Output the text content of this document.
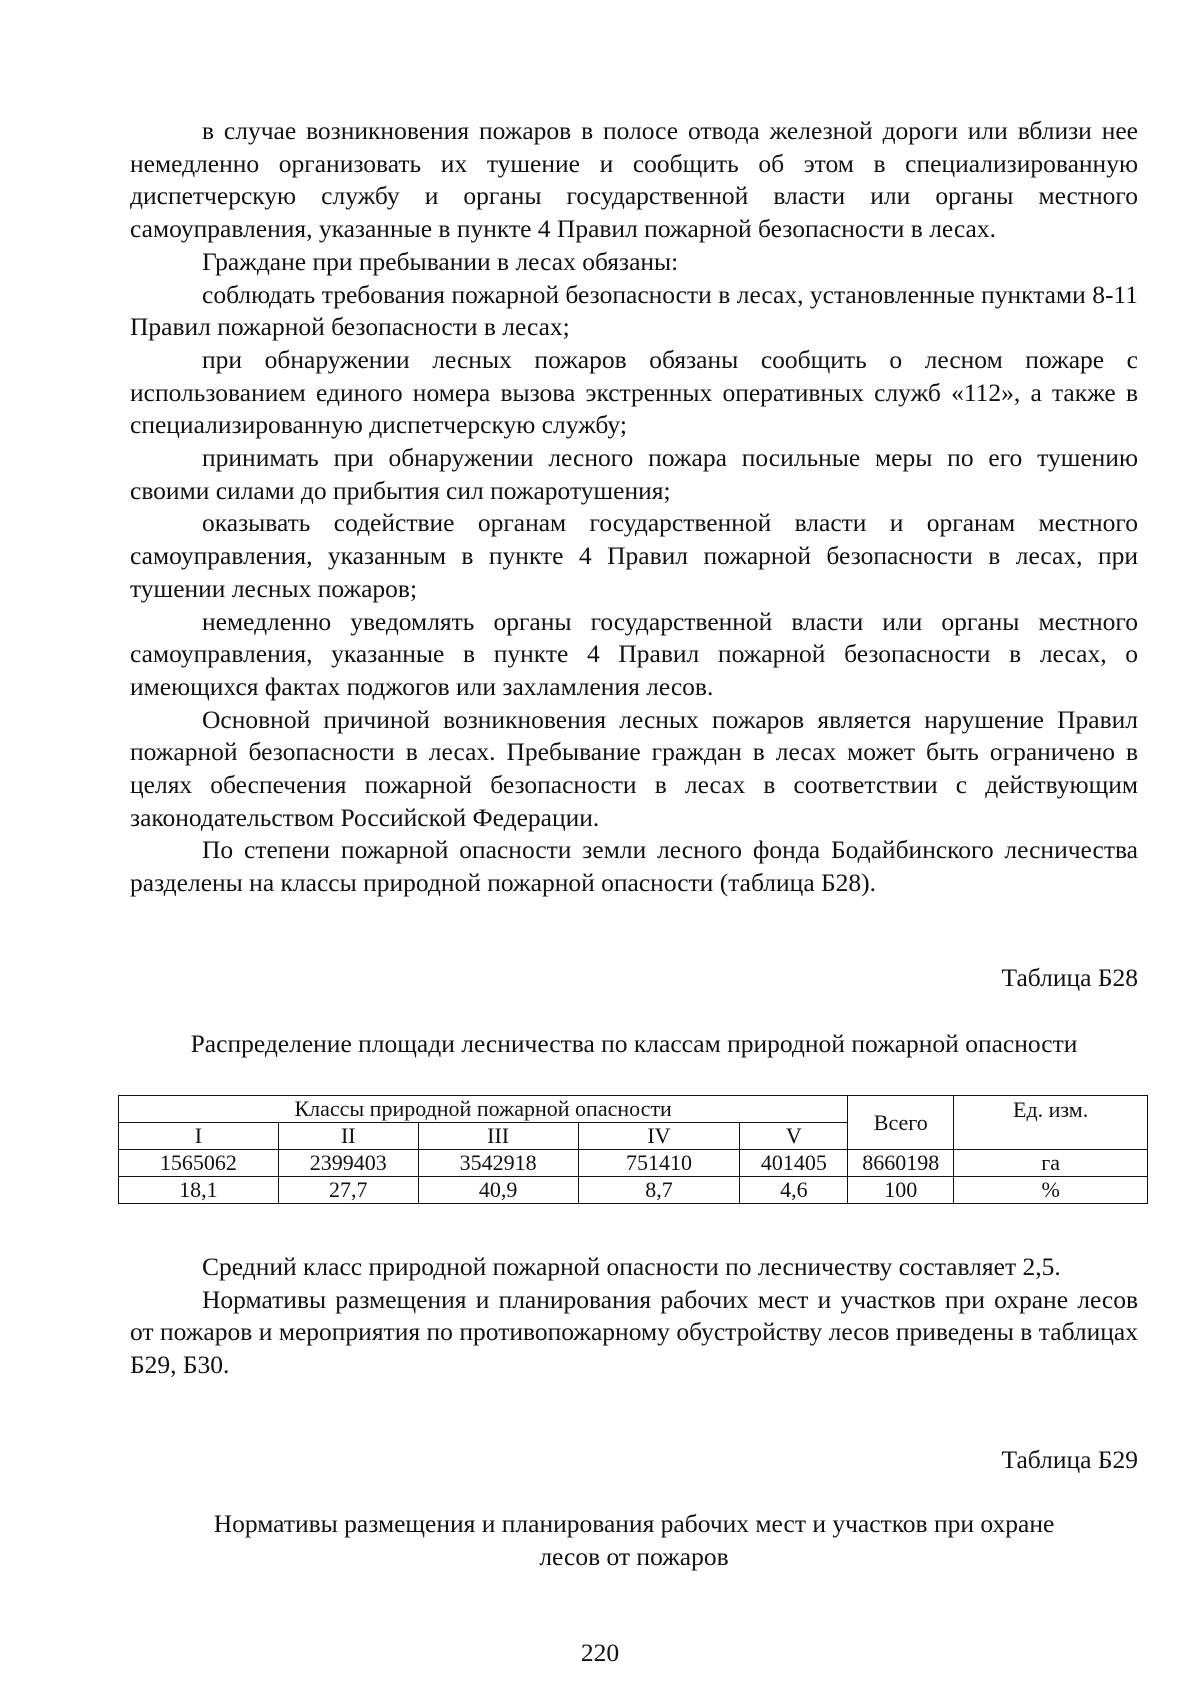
в случае возникновения пожаров в полосе отвода железной дороги или вблизи нее немедленно организовать их тушение и сообщить об этом в специализированную диспетчерскую службу и органы государственной власти или органы местного самоуправления, указанные в пункте 4 Правил пожарной безопасности в лесах.

Граждане при пребывании в лесах обязаны:

соблюдать требования пожарной безопасности в лесах, установленные пунктами 8-11 Правил пожарной безопасности в лесах;

при обнаружении лесных пожаров обязаны сообщить о лесном пожаре с использованием единого номера вызова экстренных оперативных служб «112», а также в специализированную диспетчерскую службу;

принимать при обнаружении лесного пожара посильные меры по его тушению своими силами до прибытия сил пожаротушения;

оказывать содействие органам государственной власти и органам местного самоуправления, указанным в пункте 4 Правил пожарной безопасности в лесах, при тушении лесных пожаров;

немедленно уведомлять органы государственной власти или органы местного самоуправления, указанные в пункте 4 Правил пожарной безопасности в лесах, о имеющихся фактах поджогов или захламления лесов.

Основной причиной возникновения лесных пожаров является нарушение Правил пожарной безопасности в лесах. Пребывание граждан в лесах может быть ограничено в целях обеспечения пожарной безопасности в лесах в соответствии с действующим законодательством Российской Федерации.

По степени пожарной опасности земли лесного фонда Бодайбинского лесничества разделены на классы природной пожарной опасности (таблица Б28).

Таблица Б28

Распределение площади лесничества по классам природной пожарной опасности

Классы природной пожарной опасности					Всего	Ед. изм.
I	II	III	IV	V		
1565062	2399403	3542918	751410	401405	8660198	га
18,1	27,7	40,9	8,7	4,6	100	%

Средний класс природной пожарной опасности по лесничеству составляет 2,5.

Нормативы размещения и планирования рабочих мест и участков при охране лесов от пожаров и мероприятия по противопожарному обустройству лесов приведены в таблицах Б29, Б30.

Таблица Б29

Нормативы размещения и планирования рабочих мест и участков при охране
лесов от пожаров

220
